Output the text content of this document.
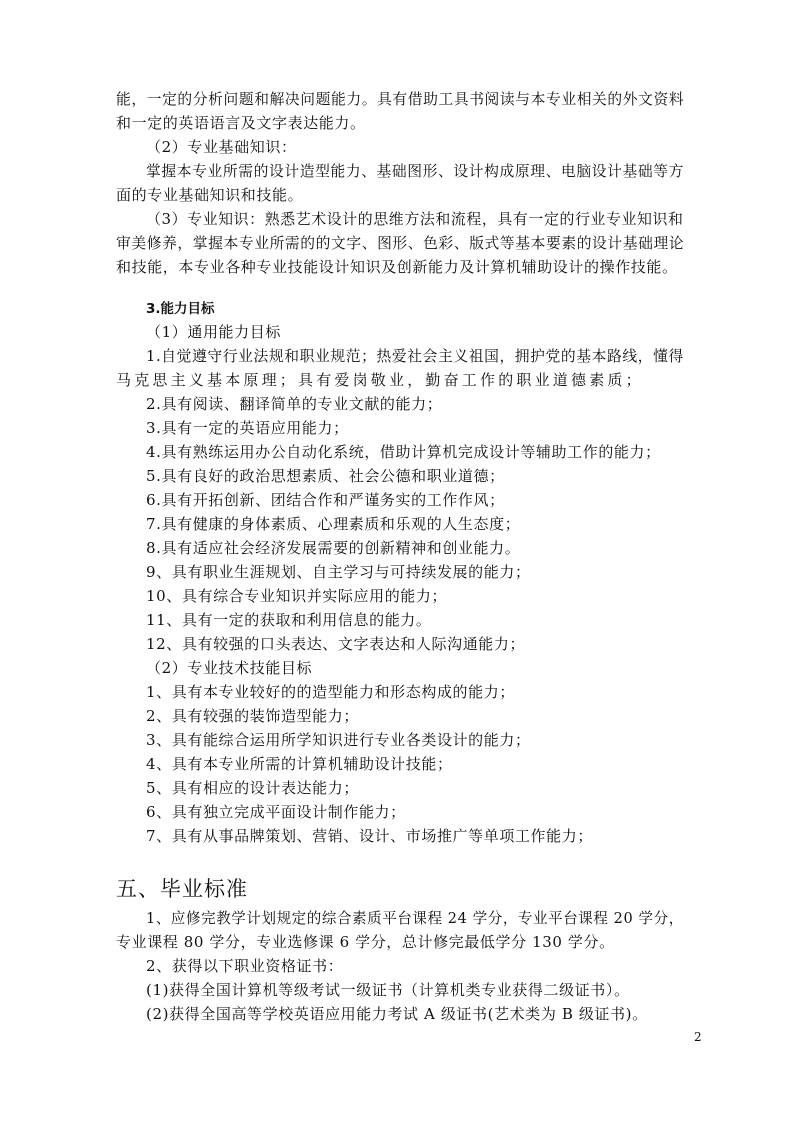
能，一定的分析问题和解决问题能力。具有借助工具书阅读与本专业相关的外文资料
和一定的英语语言及文字表达能力。
（2）专业基础知识：
掌握本专业所需的设计造型能力、基础图形、设计构成原理、电脑设计基础等方
面的专业基础知识和技能。
（3）专业知识：熟悉艺术设计的思维方法和流程，具有一定的行业专业知识和
审美修养，掌握本专业所需的的文字、图形、色彩、版式等基本要素的设计基础理论
和技能，本专业各种专业技能设计知识及创新能力及计算机辅助设计的操作技能。
3.能力目标
（1）通用能力目标
1.自觉遵守行业法规和职业规范；热爱社会主义祖国，拥护党的基本路线，懂得
马克思主义基本原理；具有爱岗敬业，勤奋工作的职业道德素质；
2.具有阅读、翻译简单的专业文献的能力；
3.具有一定的英语应用能力；
4.具有熟练运用办公自动化系统，借助计算机完成设计等辅助工作的能力；
5.具有良好的政治思想素质、社会公德和职业道德；
6.具有开拓创新、团结合作和严谨务实的工作作风；
7.具有健康的身体素质、心理素质和乐观的人生态度；
8.具有适应社会经济发展需要的创新精神和创业能力。
9、具有职业生涯规划、自主学习与可持续发展的能力；
10、具有综合专业知识并实际应用的能力；
11、具有一定的获取和利用信息的能力。
12、具有较强的口头表达、文字表达和人际沟通能力；
（2）专业技术技能目标
1、具有本专业较好的的造型能力和形态构成的能力；
2、具有较强的装饰造型能力；
3、具有能综合运用所学知识进行专业各类设计的能力；
4、具有本专业所需的计算机辅助设计技能；
5、具有相应的设计表达能力；
6、具有独立完成平面设计制作能力；
7、具有从事品牌策划、营销、设计、市场推广等单项工作能力；
五、毕业标准
1、应修完教学计划规定的综合素质平台课程 24 学分，专业平台课程 20 学分，
专业课程 80 学分，专业选修课 6 学分，总计修完最低学分 130 学分。
2、获得以下职业资格证书：
(1)获得全国计算机等级考试一级证书（计算机类专业获得二级证书）。
(2)获得全国高等学校英语应用能力考试 A 级证书(艺术类为 B 级证书)。
2
